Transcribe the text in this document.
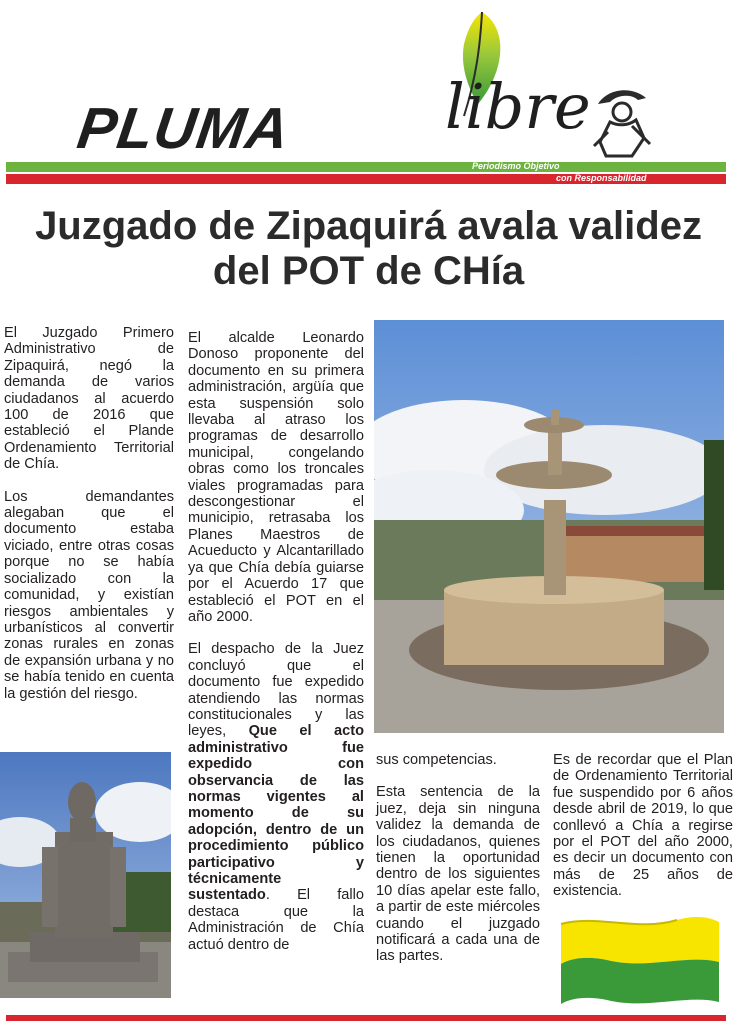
PLUMA libre
Periodismo Objetivo
con Responsabilidad
Juzgado de Zipaquirá avala validez del POT de CHía

El Juzgado Primero Administrativo de Zipaquirá, negó la demanda de varios ciudadanos al acuerdo 100 de 2016 que estableció el Plande Ordenamiento Territorial de Chía.

Los demandantes alegaban que el documento estaba viciado, entre otras cosas porque no se había socializado con la comunidad, y existían riesgos ambientales y urbanísticos al convertir zonas rurales en zonas de expansión urbana y no se había tenido en cuenta la gestión del riesgo.

El alcalde Leonardo Donoso proponente del documento en su primera administración, argüía que esta suspensión solo llevaba al atraso los programas de desarrollo municipal, congelando obras como los troncales viales programadas para descongestionar el municipio, retrasaba los Planes Maestros de Acueducto y Alcantarillado ya que Chía debía guiarse por el Acuerdo 17 que estableció el POT en el año 2000.

El despacho de la Juez concluyó que el documento fue expedido atendiendo las normas constitucionales y las leyes, Que el acto administrativo fue expedido con observancia de las normas vigentes al momento de su adopción, dentro de un procedimiento público participativo y técnicamente sustentado. El fallo destaca que la Administración de Chía actuó dentro de

sus competencias.

Esta sentencia de la juez, deja sin ninguna validez la demanda de los ciudadanos, quienes tienen la oportunidad dentro de los siguientes 10 días apelar este fallo, a partir de este miércoles cuando el juzgado notificará a cada una de las partes.

Es de recordar que el Plan de Ordenamiento Territorial fue suspendido por 6 años desde abril de 2019, lo que conllevó a Chía a regirse por el POT del año 2000, es decir un documento con más de 25 años de existencia.
